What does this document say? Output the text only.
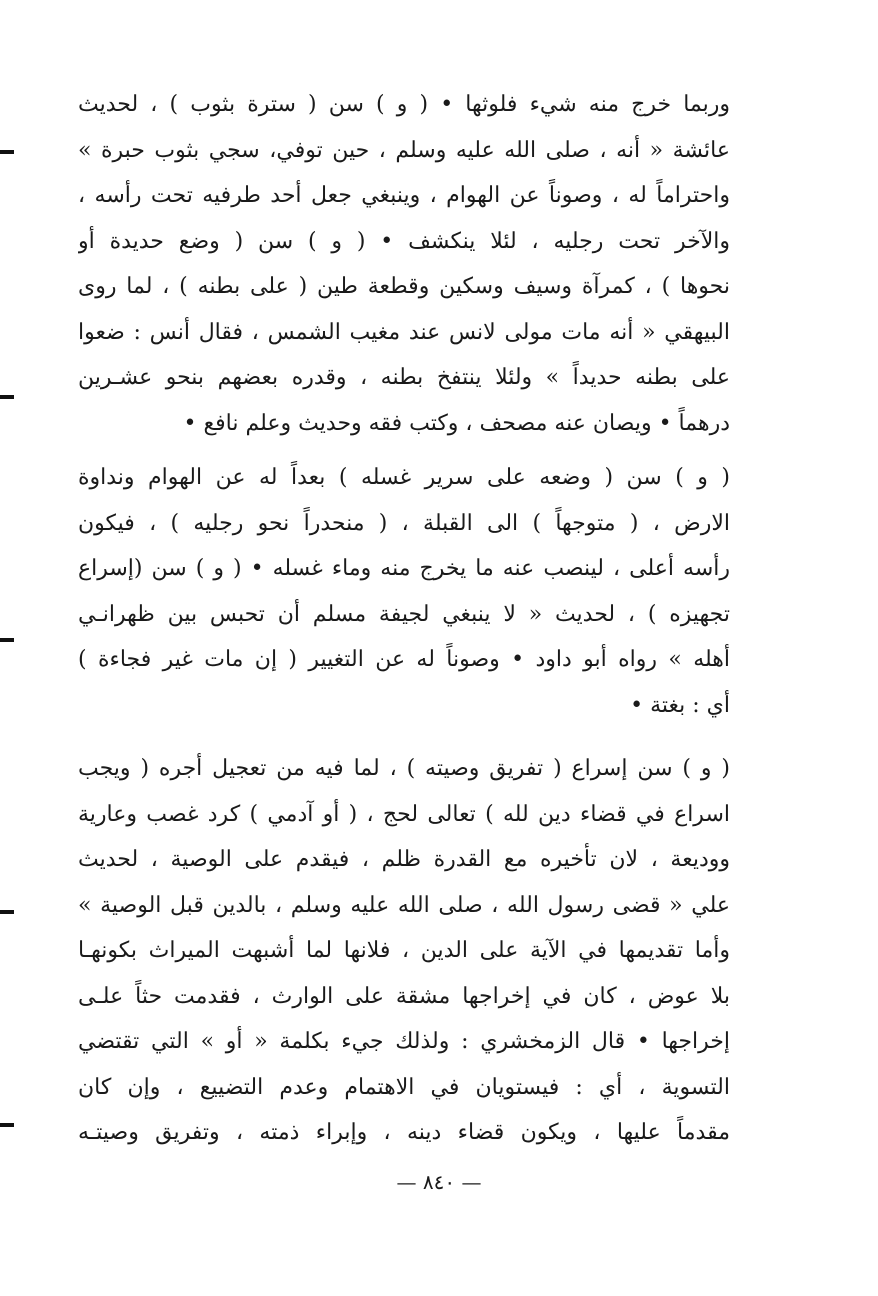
وربما خرج منه شيء فلوثها • ( و ) سن ( سترة بثوب ) ، لحديث
عائشة « أنه ، صلى الله عليه وسلم ، حين توفي، سجي بثوب حبرة »
واحتراماً له ، وصوناً عن الهوام ، وينبغي جعل أحد طرفيه تحت رأسه ،
والآخر تحت رجليه ، لئلا ينكشف • ( و ) سن ( وضع حديدة أو
نحوها ) ، كمرآة وسيف وسكين وقطعة طين ( على بطنه ) ، لما روى
البيهقي « أنه مات مولى لانس عند مغيب الشمس ، فقال أنس : ضعوا
على بطنه حديداً » ولئلا ينتفخ بطنه ، وقدره بعضهم بنحو عشـرين
درهماً • ويصان عنه مصحف ، وكتب فقه وحديث وعلم نافع •
( و ) سن ( وضعه على سرير غسله ) بعداً له عن الهوام ونداوة
الارض ، ( متوجهاً ) الى القبلة ، ( منحدراً نحو رجليه ) ، فيكون
رأسه أعلى ، لينصب عنه ما يخرج منه وماء غسله • ( و ) سن (إسراع
تجهيزه ) ، لحديث « لا ينبغي لجيفة مسلم أن تحبس بين ظهرانـي
أهله » رواه أبو داود • وصوناً له عن التغيير ( إن مات غير فجاءة )
أي : بغتة •
( و ) سن إسراع ( تفريق وصيته ) ، لما فيه من تعجيل أجره ( ويجب
اسراع في قضاء دين لله ) تعالى لحج ، ( أو آدمي ) كرد غصب وعارية
ووديعة ، لان تأخيره مع القدرة ظلم ، فيقدم على الوصية ، لحديث
علي « قضى رسول الله ، صلى الله عليه وسلم ، بالدين قبل الوصية »
وأما تقديمها في الآية على الدين ، فلانها لما أشبهت الميراث بكونهـا
بلا عوض ، كان في إخراجها مشقة على الوارث ، فقدمت حثاً علـى
إخراجها • قال الزمخشري : ولذلك جيء بكلمة « أو » التي تقتضي
التسوية ، أي : فيستويان في الاهتمام وعدم التضييع ، وإن كان
مقدماً عليها ، ويكون قضاء دينه ، وإبراء ذمته ، وتفريق وصيتـه
— ٨٤٠ —
